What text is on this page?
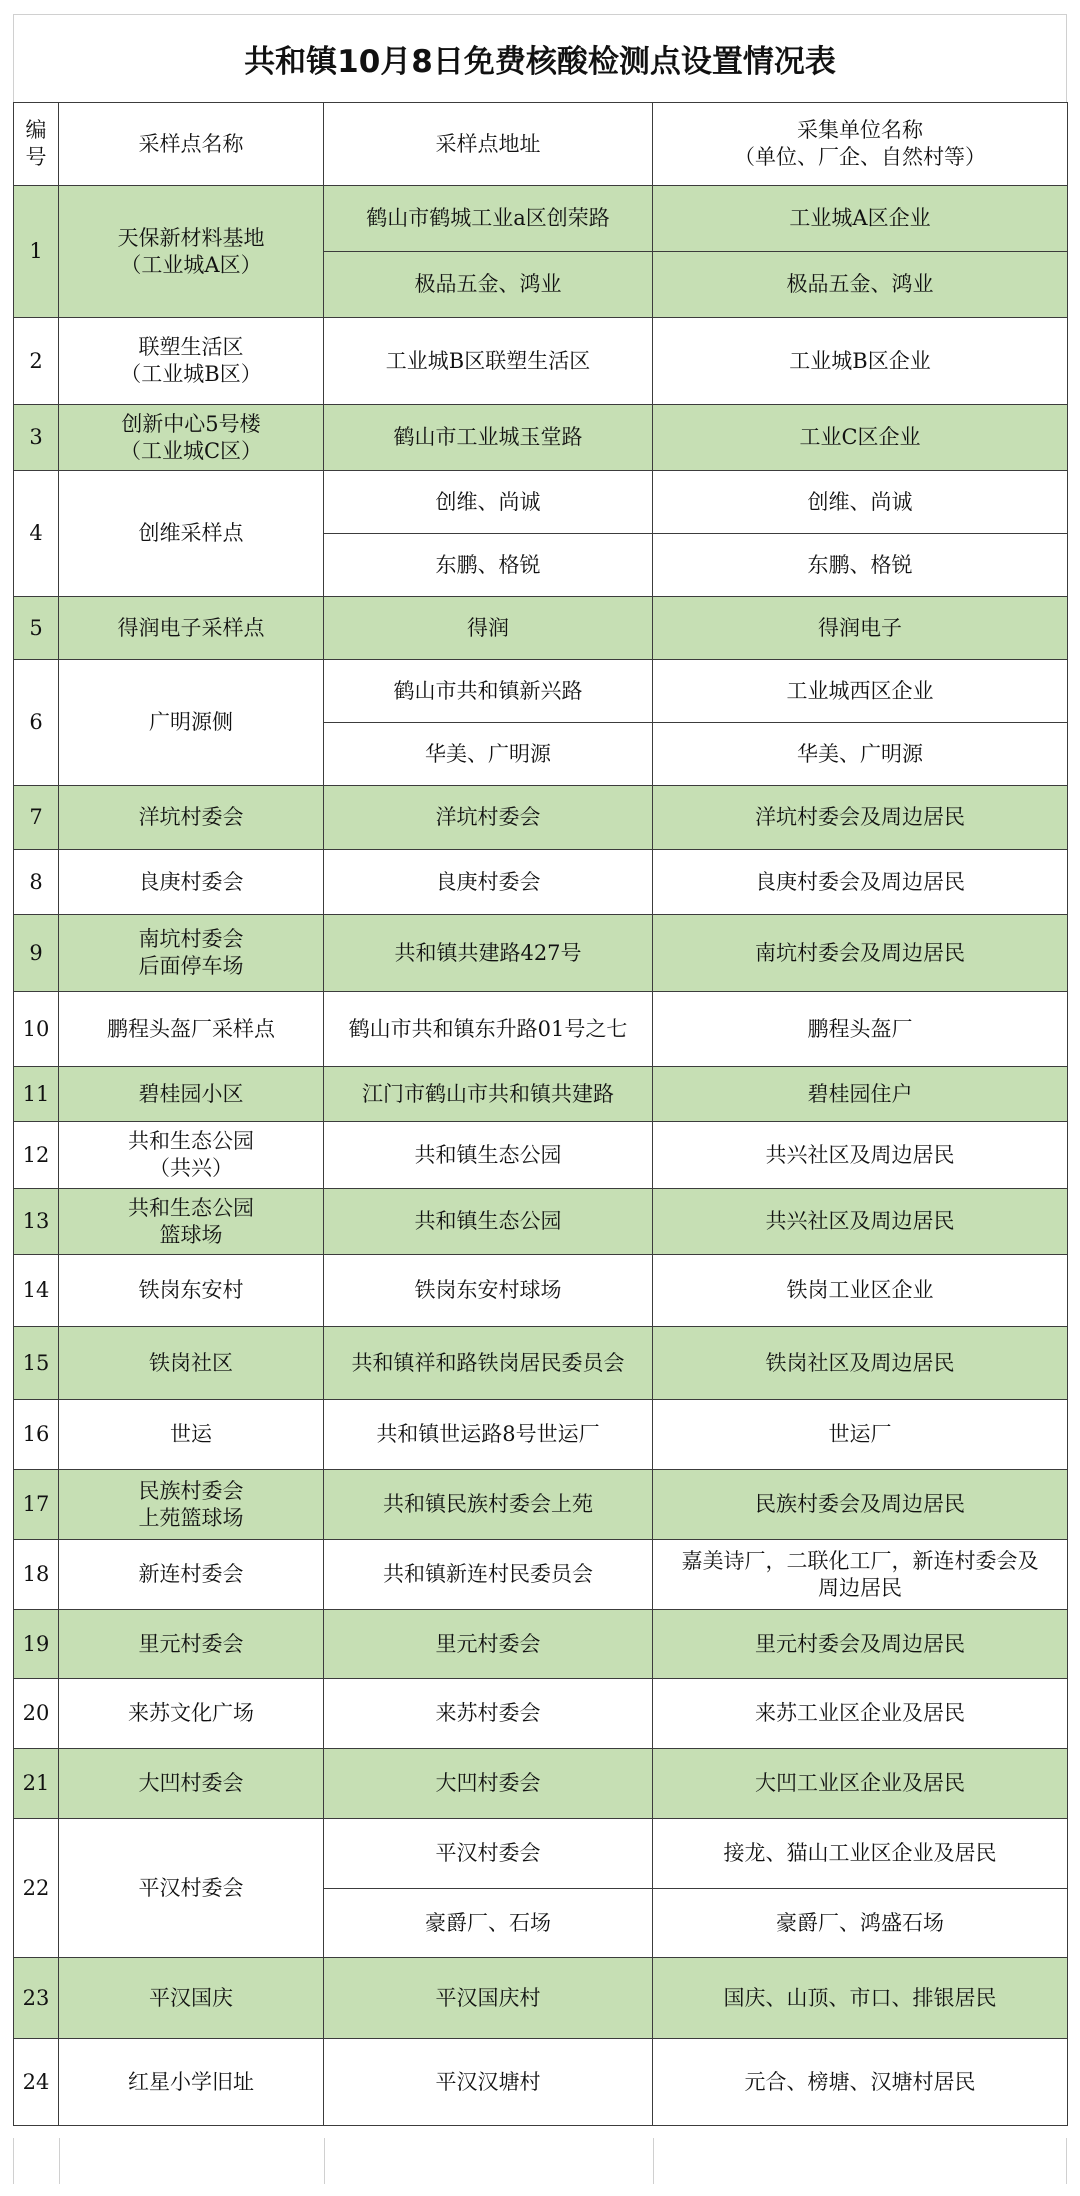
共和镇10月8日免费核酸检测点设置情况表
编号	采样点名称	采样点地址	采集单位名称
（单位、厂企、自然村等）

1	天保新材料基地
（工业城A区）	鹤山市鹤城工业a区创荣路	工业城A区企业
		极品五金、鸿业	极品五金、鸿业
2	联塑生活区
（工业城B区）	工业城B区联塑生活区	工业城B区企业
3	创新中心5号楼
（工业城C区）	鹤山市工业城玉堂路	工业C区企业
4	创维采样点	创维、尚诚	创维、尚诚
		东鹏、格锐	东鹏、格锐
5	得润电子采样点	得润	得润电子
6	广明源侧	鹤山市共和镇新兴路	工业城西区企业
		华美、广明源	华美、广明源
7	洋坑村委会	洋坑村委会	洋坑村委会及周边居民
8	良庚村委会	良庚村委会	良庚村委会及周边居民
9	南坑村委会
后面停车场	共和镇共建路427号	南坑村委会及周边居民
10	鹏程头盔厂采样点	鹤山市共和镇东升路01号之七	鹏程头盔厂
11	碧桂园小区	江门市鹤山市共和镇共建路	碧桂园住户
12	共和生态公园
（共兴）	共和镇生态公园	共兴社区及周边居民
13	共和生态公园
篮球场	共和镇生态公园	共兴社区及周边居民
14	铁岗东安村	铁岗东安村球场	铁岗工业区企业
15	铁岗社区	共和镇祥和路铁岗居民委员会	铁岗社区及周边居民
16	世运	共和镇世运路8号世运厂	世运厂
17	民族村委会
上苑篮球场	共和镇民族村委会上苑	民族村委会及周边居民
18	新连村委会	共和镇新连村民委员会	嘉美诗厂，二联化工厂，新连村委会及
周边居民

19	里元村委会	里元村委会	里元村委会及周边居民
20	来苏文化广场	来苏村委会	来苏工业区企业及居民
21	大凹村委会	大凹村委会	大凹工业区企业及居民
22	平汉村委会	平汉村委会	接龙、猫山工业区企业及居民
		豪爵厂、石场	豪爵厂、鸿盛石场
23	平汉国庆	平汉国庆村	国庆、山顶、市口、排银居民
24	红星小学旧址	平汉汉塘村	元合、榜塘、汉塘村居民
